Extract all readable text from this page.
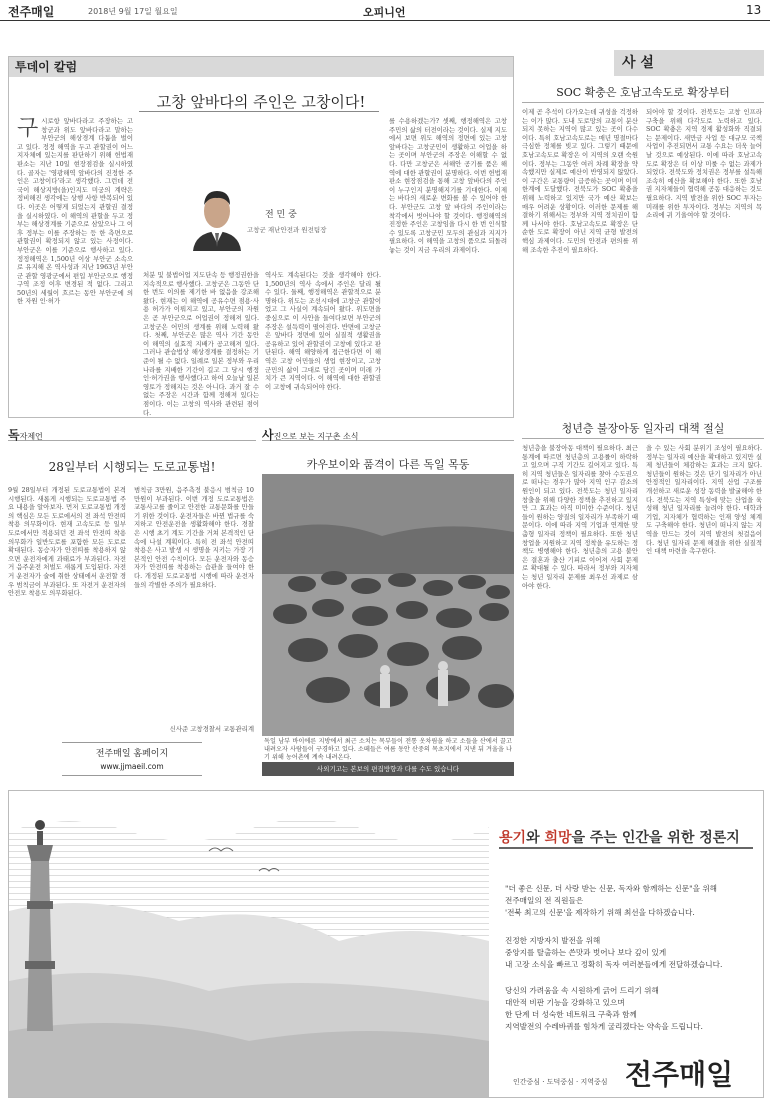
전주매일	2018년 9월 17일 월요일	오피니언	13
투데이 칼럼
고창 앞바다의 주인은 고창이다!
구시로항 앞바다라고 주장하는 고창군과 위도 앞바다라고 말하는 부안군의 해상경계 다툼을 벌이고 있다. 정정 해역을 두고 관할권이 어느 지자체에 있는지를 판단하기 위해 헌법재판소는 지난 10일 현장점검을 실시하였다. 골자는 '영광해역 앞바다의 진정한 주인은 고창이다'라고 생각했다. 그런데 전국이 해상지방(을)인지도 미궁의 계략은 정비해진 생각에는 상행 사항 반복되어 있다. 이곳은 어떻게 되었는지 관할권 결정을 실시하였다. 이 해역의 관할을 두고 정부는 해상경계를 기준으로 삼았으나 그 이후 정부는 이를 주장하는 등 한 측면으로 관할권이 확정되지 않고 있는 사정이다. 부안군은 이를 기준으로 행사하고 있다. 정정해역은 1,500년 이상 부안군 소속으로 유지해 온 역사성과 지난 1963년 부안군 관할 영광군에서 편입 부안군으로 행정구역 조정 이후 변경된 적 없다. 그리고 50년의 세월이 흐르는 동안 부안군에 의한 자원 인·허가
전 민 중
고창군 재난안전과 원전팀장
처분 및 불법어업 지도단속 등 행정권한을 지속적으로 행사했다. 고창군은 그동안 단 한 번도 이의를 제기한 바 없음을 강조해 왔다. 현재는 이 해역에 공유수면 점용·사용 허가가 이뤄지고 있고, 부안군의 자원은 곧 부안군으로 어업권이 정해져 있다. 고창군은 어민의 생계를 위해 노력해 왔다. 첫째, 부안군은 많은 역사 기간 동안 이 해역의 실효적 지배가 공고해져 있다. 그러나 관습법상 해상경계를 결정하는 기준이 될 수 없다. 일례로 일본 정부와 우리나라를 지배한 기간이 길고 그 당시 행정 인·허가권을 행사했다고 하여 오늘날 일본 영토가 정해지는 것은 아니다. 과거 잘 수 없는 주장은 시간과 함께 정해져 있다는 점이다. 이는 고창의 역사와 관련된 점이다.
역사도 계속된다는 것을 생각해야 한다. 1,500년의 역사 속에서 주인은 달리 될 수 있다. 둘째, 행정해역은 관할적으로 분명하다. 위도는 조선시대에 고창군 관할이었고 그 사실이 계속되어 왔다. 위도면을 중심으로 이 사안을 들여다보면 부안군의 주장은 설득력이 떨어진다. 반면에 고창군은 앞바다 정면에 있어 실질적 생활권을 공유하고 있어 관할권이 고창에 있다고 판단된다. 해역 해양하게 접근한다면 이 해역은 고창 어민들의 생업 현장이고, 고창군민의 삶이 그대로 담긴 곳이며 미래 가치가 큰 지역이다. 이 해역에 대한 관할권이 고창에 귀속되어야 한다.
를 수용하겠는가? 셋째, 행정해역은 고창주민의 삶의 터전이라는 것이다. 실제 지도에서 보면 위도 해역의 정면에 있는 고창 앞바다는 고창군민이 생활하고 어업을 하는 곳이며 부안군의 주장은 이해할 수 없다. 다만 고창군은 서해안 공기를 품은 해역에 대한 관할권이 분명하다. 이번 헌법재판소 현장점검을 통해 고창 앞바다의 주인이 누구인지 분명해지기를 기대한다. 이제는 바다의 새로운 변화를 볼 수 있어야 한다. 부안군도 고창 앞 바다의 주인이라는 착각에서 벗어나야 할 것이다. 행정해역의 진정한 주인은 고창임을 다시 한 번 인식할 수 있도록 고창군민 모두의 관심과 지지가 필요하다. 이 해역을 고창의 품으로 되돌려 놓는 것이 지금 우리의 과제이다.
사 설
SOC 확충은 호남고속도로 확장부터
이제 곧 추석이 다가오는데 귀성을 걱정하는 이가 많다. 도내 도로망의 교통이 분산되지 못하는 지역이 많고 있는 곳이 다수이다. 특히 호남고속도로는 매년 명절마다 극심한 정체를 빚고 있다. 그렇기 때문에 호남고속도로 확장은 이 지역의 오랜 숙원이다. 정부는 그동안 여러 차례 확장을 약속했지만 실제로 예산이 반영되지 않았다. 이 구간은 교통량이 급증하는 곳이며 이미 한계에 도달했다. 전북도가 SOC 확충을 위해 노력하고 있지만 국가 예산 확보는 매우 어려운 상황이다. 이러한 문제를 해결하기 위해서는 정부와 지역 정치권이 함께 나서야 한다. 호남고속도로 확장은 단순한 도로 확장이 아닌 지역 균형 발전의 핵심 과제이다. 도민의 안전과 편의를 위해 조속한 추진이 필요하다.
되어야 할 것이다. 전북도는 고창 인프라 구축을 위해 다각도로 노력하고 있다. SOC 확충은 지역 경제 활성화와 직결되는 문제이다. 새만금 사업 등 대규모 국책사업이 추진되면서 교통 수요는 더욱 늘어날 것으로 예상된다. 이에 따라 호남고속도로 확장은 더 이상 미룰 수 없는 과제가 되었다. 전북도와 정치권은 정부를 설득해 조속히 예산을 확보해야 한다. 또한 호남권 지자체들이 협력해 공동 대응하는 것도 필요하다. 지역 발전을 위한 SOC 투자는 미래를 위한 투자이다. 정부는 지역의 목소리에 귀 기울여야 할 것이다.
청년층 불장아동 일자리 대책 절실
청년층을 불장아동 대책이 필요하다. 최근 통계에 따르면 청년층의 고용률이 하락하고 있으며 구직 기간도 길어지고 있다. 특히 지역 청년들은 일자리를 찾아 수도권으로 떠나는 경우가 많아 지역 인구 감소의 원인이 되고 있다. 전북도는 청년 일자리 창출을 위해 다양한 정책을 추진하고 있지만 그 효과는 아직 미미한 수준이다. 청년들이 원하는 양질의 일자리가 부족하기 때문이다. 이에 따라 지역 기업과 연계한 맞춤형 일자리 정책이 필요하다. 또한 청년 창업을 지원하고 지역 정착을 유도하는 정책도 병행해야 한다. 청년층의 고용 불안은 결혼과 출산 기피로 이어져 사회 문제로 확대될 수 있다. 따라서 정부와 지자체는 청년 일자리 문제를 최우선 과제로 삼아야 한다.
을 수 있는 사회 분위기 조성이 필요하다. 정부는 일자리 예산을 확대하고 있지만 실제 청년들이 체감하는 효과는 크지 않다. 청년들이 원하는 것은 단기 일자리가 아닌 안정적인 일자리이다. 지역 산업 구조를 개선하고 새로운 성장 동력을 발굴해야 한다. 전북도는 지역 특성에 맞는 산업을 육성해 청년 일자리를 늘려야 한다. 대학과 기업, 지자체가 협력하는 인재 양성 체계도 구축해야 한다. 청년이 떠나지 않는 지역을 만드는 것이 지역 발전의 첫걸음이다. 청년 일자리 문제 해결을 위한 실질적인 대책 마련을 촉구한다.
독자제언
28일부터 시행되는 도로교통법!
9월 28일부터 개정된 도로교통법이 본격 시행된다. 새롭게 시행되는 도로교통법 주요 내용을 알아보자. 먼저 도로교통법 개정의 핵심은 모든 도로에서의 전 좌석 안전띠 착용 의무화이다. 현재 고속도로 등 일부 도로에서만 적용되던 전 좌석 안전띠 착용 의무화가 일반도로를 포함한 모든 도로로 확대된다. 동승자가 안전띠를 착용하지 않으면 운전자에게 과태료가 부과된다. 자전거 음주운전 처벌도 새롭게 도입된다. 자전거 운전자가 술에 취한 상태에서 운전할 경우 범칙금이 부과된다. 또 자전거 운전자의 안전모 착용도 의무화된다.
범칙금 3만원, 음주측정 불응시 범칙금 10만원이 부과된다. 이번 개정 도로교통법은 교통사고를 줄이고 안전한 교통문화를 만들기 위한 것이다. 운전자들은 바뀐 법규를 숙지하고 안전운전을 생활화해야 한다. 경찰은 시행 초기 계도 기간을 거쳐 본격적인 단속에 나설 계획이다. 특히 전 좌석 안전띠 착용은 사고 발생 시 생명을 지키는 가장 기본적인 안전 수칙이다. 모든 운전자와 동승자가 안전띠를 착용하는 습관을 들여야 한다. 개정된 도로교통법 시행에 따라 운전자들의 각별한 주의가 필요하다.
신사준 고창경찰서 교통관리계
전주매일 홈페이지
www.jjmaeil.com
사진으로 보는 지구촌 소식
카우보이와 품격이 다른 독일 목동
독일 남부 바이에른 지방에서 최근 소치는 목부들이 전통 옷차림을 하고 소들을 산에서 끌고 내려오자 사람들이 구경하고 있다. 소떼들은 여름 동안 산중의 목초지에서 지낸 뒤 겨울을 나기 위해 농어촌에 계속 내려온다.
사외기고는 본보의 편집방향과 다를 수도 있습니다
용기와 희망을 주는 인간을 위한 정론지
"더 좋은 신문, 더 사랑 받는 신문, 독자와 함께하는 신문"을 위해
전주매일의 전 직원들은
'전북 최고의 신문'을 제작하기 위해 최선을 다하겠습니다.
진정한 지방자치 발전을 위해
중앙지를 탈출하는 쓴맛과 벗어나 보다 깊이 있게
내 고장 소식을 빠르고 정확히 독자 여러분들에게 전달하겠습니다.
당신의 가려움을 속 시원하게 긁어 드리기 위해
대안적 비판 기능을 강화하고 있으며
한 단계 더 성숙한 네트워크 구축과 함께
지역발전의 수레바퀴를 힘차게 굴리겠다는 약속을 드립니다.
인간중심 · 도덕중심 · 지역중심 전주매일
